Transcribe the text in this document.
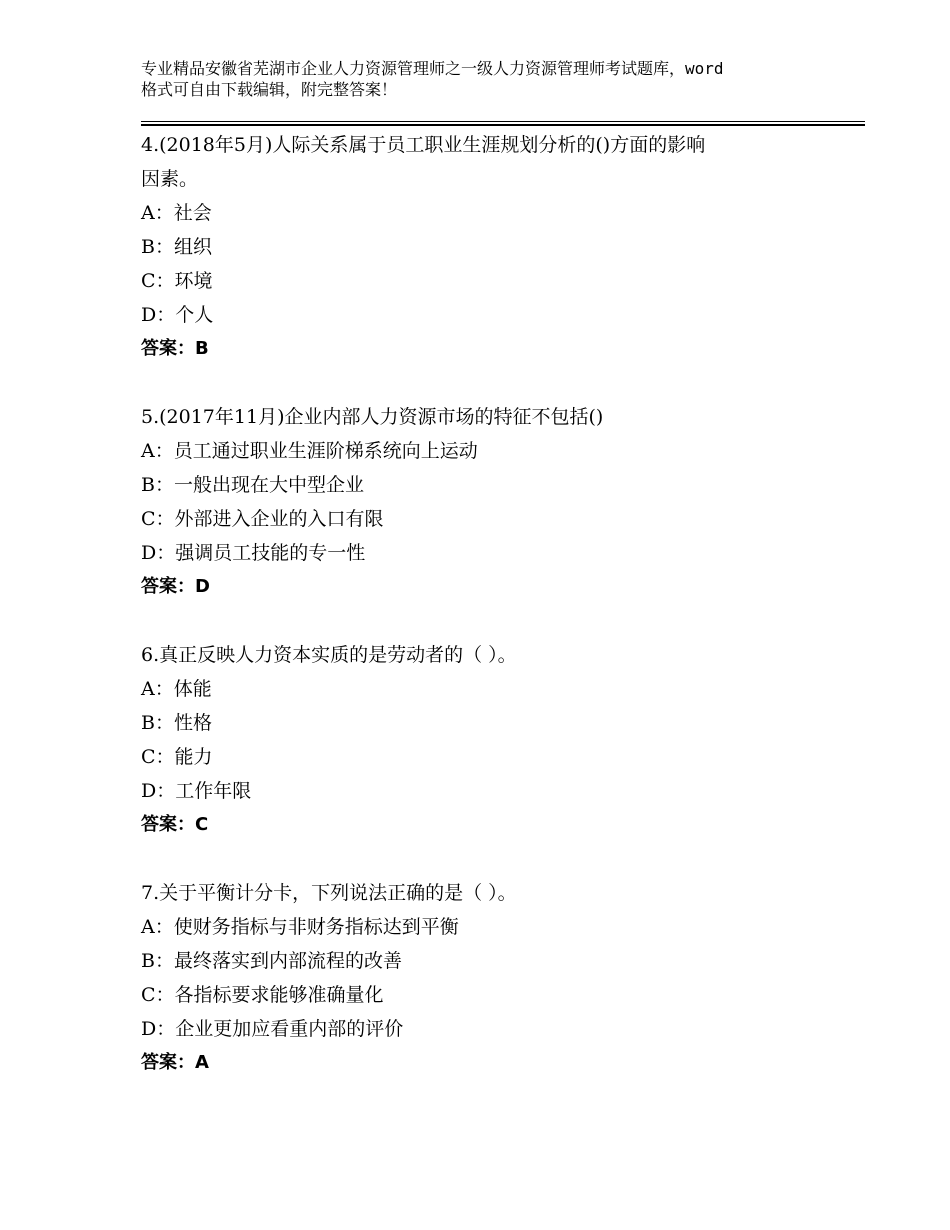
专业精品安徽省芜湖市企业人力资源管理师之一级人力资源管理师考试题库，word
格式可自由下载编辑，附完整答案！
4.(2018年5月)人际关系属于员工职业生涯规划分析的()方面的影响
因素。
A：社会
B：组织
C：环境
D：个人
答案：B
5.(2017年11月)企业内部人力资源市场的特征不包括()
A：员工通过职业生涯阶梯系统向上运动
B：一般出现在大中型企业
C：外部进入企业的入口有限
D：强调员工技能的专一性
答案：D
6.真正反映人力资本实质的是劳动者的（ ）。
A：体能
B：性格
C：能力
D：工作年限
答案：C
7.关于平衡计分卡，下列说法正确的是（ ）。
A：使财务指标与非财务指标达到平衡
B：最终落实到内部流程的改善
C：各指标要求能够准确量化
D：企业更加应看重内部的评价
答案：A
